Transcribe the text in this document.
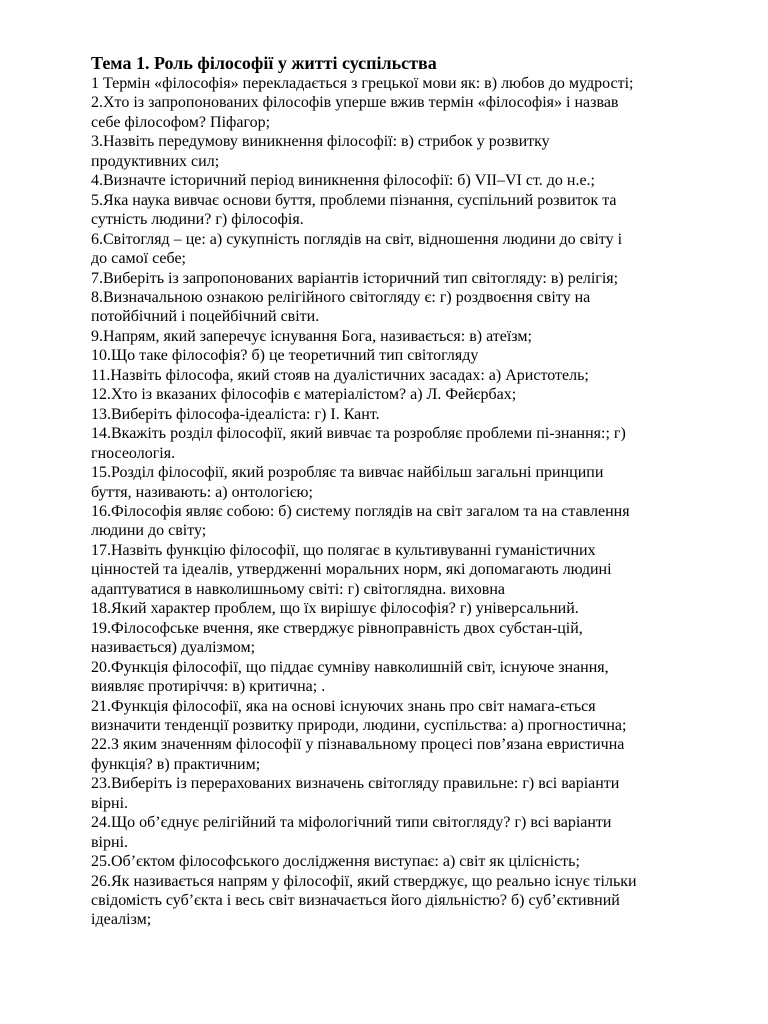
Тема 1. Роль філософії у житті суспільства

1 Термін «філософія» перекладається з грецької мови як: в) любов до мудрості;

2.Хто із запропонованих філософів уперше вжив термін «філософія» і назвав
себе філософом? Піфагор;

3.Назвіть передумову виникнення філософії: в) стрибок у розвитку
продуктивних сил;

4.Визначте історичний період виникнення філософії: б) VII–VI ст. до н.е.;

5.Яка наука вивчає основи буття, проблеми пізнання, суспільний розвиток та
сутність людини? г) філософія.

6.Світогляд – це: а) сукупність поглядів на світ, відношення людини до світу і
до самої себе;

7.Виберіть із запропонованих варіантів історичний тип світогляду: в) релігія;

8.Визначальною ознакою релігійного світогляду є: г) роздвоєння світу на
потойбічний і поцейбічний світи.

9.Напрям, який заперечує існування Бога, називається: в) атеїзм;

10.Що таке філософія? б) це теоретичний тип світогляду

11.Назвіть філософа, який стояв на дуалістичних засадах: а) Аристотель;

12.Хто із вказаних філософів є матеріалістом? а) Л. Фейєрбах;

13.Виберіть філософа-ідеаліста: г) І. Кант.

14.Вкажіть розділ філософії, який вивчає та розробляє проблеми пі-знання:; г)
гносеологія.

15.Розділ філософії, який розробляє та вивчає найбільш загальні принципи
буття, називають: а) онтологією;

16.Філософія являє собою: б) систему поглядів на світ загалом та на ставлення
людини до світу;

17.Назвіть функцію філософії, що полягає в культивуванні гуманістичних
цінностей та ідеалів, утвердженні моральних норм, які допомагають людині
адаптуватися в навколишньому світі: г) світоглядна. виховна

18.Який характер проблем, що їх вирішує філософія? г) універсальний.

19.Філософське вчення, яке стверджує рівноправність двох субстан-цій,
називається) дуалізмом;

20.Функція філософії, що піддає сумніву навколишній світ, існуюче знання,
виявляє протиріччя: в) критична; .

21.Функція філософії, яка на основі існуючих знань про світ намага-ється
визначити тенденції розвитку природи, людини, суспільства: а) прогностична;

22.З яким значенням філософії у пізнавальному процесі пов’язана евристична
функція? в) практичним;

23.Виберіть із перерахованих визначень світогляду правильне: г) всі варіанти
вірні.

24.Що об’єднує релігійний та міфологічний типи світогляду? г) всі варіанти
вірні.

25.Об’єктом філософського дослідження виступає: а) світ як цілісність;

26.Як називається напрям у філософії, який стверджує, що реально існує тільки
свідомість суб’єкта і весь світ визначається його діяльністю? б) суб’єктивний
ідеалізм;
